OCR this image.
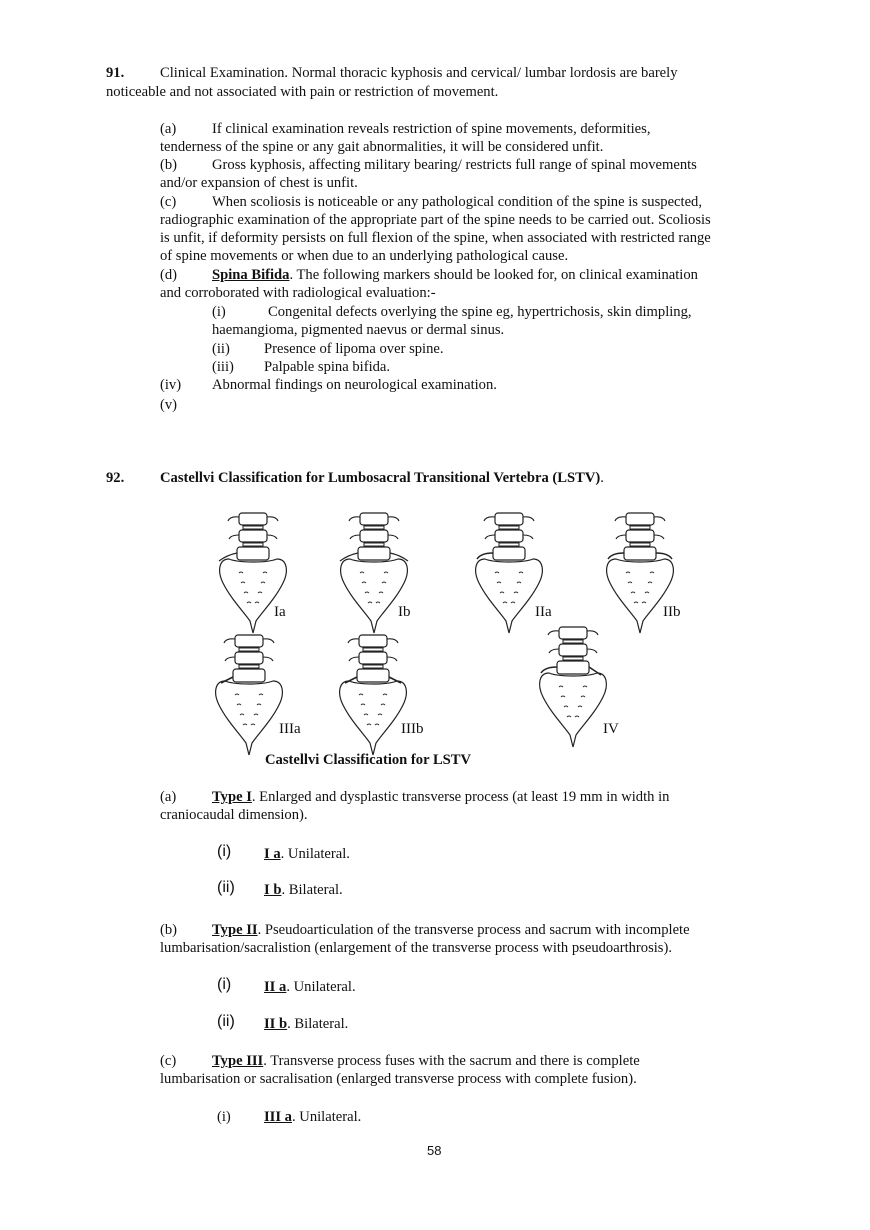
91. Clinical Examination. Normal thoracic kyphosis and cervical/ lumbar lordosis are barely
noticeable and not associated with pain or restriction of movement.
(a) If clinical examination reveals restriction of spine movements, deformities,
tenderness of the spine or any gait abnormalities, it will be considered unfit.
(b) Gross kyphosis, affecting military bearing/ restricts full range of spinal movements
and/or expansion of chest is unfit.
(c) When scoliosis is noticeable or any pathological condition of the spine is suspected,
radiographic examination of the appropriate part of the spine needs to be carried out. Scoliosis
is unfit, if deformity persists on full flexion of the spine, when associated with restricted range
of spine movements or when due to an underlying pathological cause.
(d) Spina Bifida. The following markers should be looked for, on clinical examination
and corroborated with radiological evaluation:-
(i)	Congenital defects overlying the spine eg, hypertrichosis, skin dimpling,
haemangioma, pigmented naevus or dermal sinus.
(ii) Presence of lipoma over spine.
(iii) Palpable spina bifida.
(iv) Abnormal findings on neurological examination.
(v)
92. Castellvi Classification for Lumbosacral Transitional Vertebra (LSTV).
Ia	Ib	IIa	IIb
IIIa	IIIb	IV
Castellvi Classification for LSTV
(a) Type I. Enlarged and dysplastic transverse process (at least 19 mm in width in
craniocaudal dimension).
(i) I a. Unilateral.
(ii) I b. Bilateral.
(b) Type II. Pseudoarticulation of the transverse process and sacrum with incomplete
lumbarisation/sacralistion (enlargement of the transverse process with pseudoarthrosis).
(i) II a. Unilateral.
(ii) II b. Bilateral.
(c) Type III. Transverse process fuses with the sacrum and there is complete
lumbarisation or sacralisation (enlarged transverse process with complete fusion).
(i) III a. Unilateral.
58
